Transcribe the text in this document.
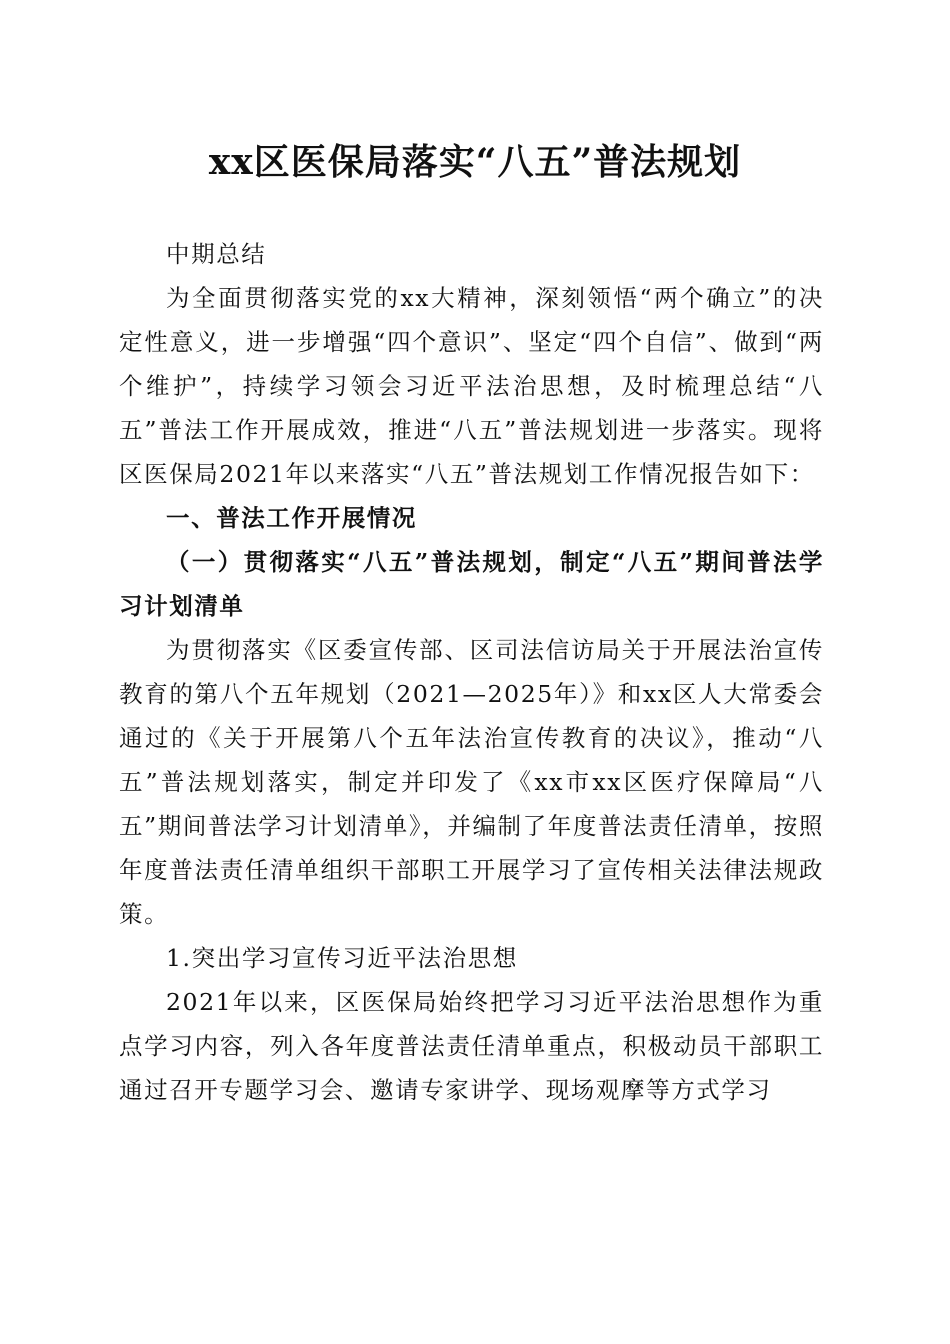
xx区医保局落实“八五”普法规划

中期总结

为全面贯彻落实党的xx大精神，深刻领悟“两个确立”的决定性意义，进一步增强“四个意识”、坚定“四个自信”、做到“两个维护”，持续学习领会习近平法治思想，及时梳理总结“八五”普法工作开展成效，推进“八五”普法规划进一步落实。现将区医保局2021年以来落实“八五”普法规划工作情况报告如下：

一、普法工作开展情况

（一）贯彻落实“八五”普法规划，制定“八五”期间普法学习计划清单

为贯彻落实《区委宣传部、区司法信访局关于开展法治宣传教育的第八个五年规划（2021—2025年）》和xx区人大常委会通过的《关于开展第八个五年法治宣传教育的决议》，推动“八五”普法规划落实，制定并印发了《xx市xx区医疗保障局“八五”期间普法学习计划清单》，并编制了年度普法责任清单，按照年度普法责任清单组织干部职工开展学习了宣传相关法律法规政策。

1.突出学习宣传习近平法治思想

2021年以来，区医保局始终把学习习近平法治思想作为重点学习内容，列入各年度普法责任清单重点，积极动员干部职工通过召开专题学习会、邀请专家讲学、现场观摩等方式学习
